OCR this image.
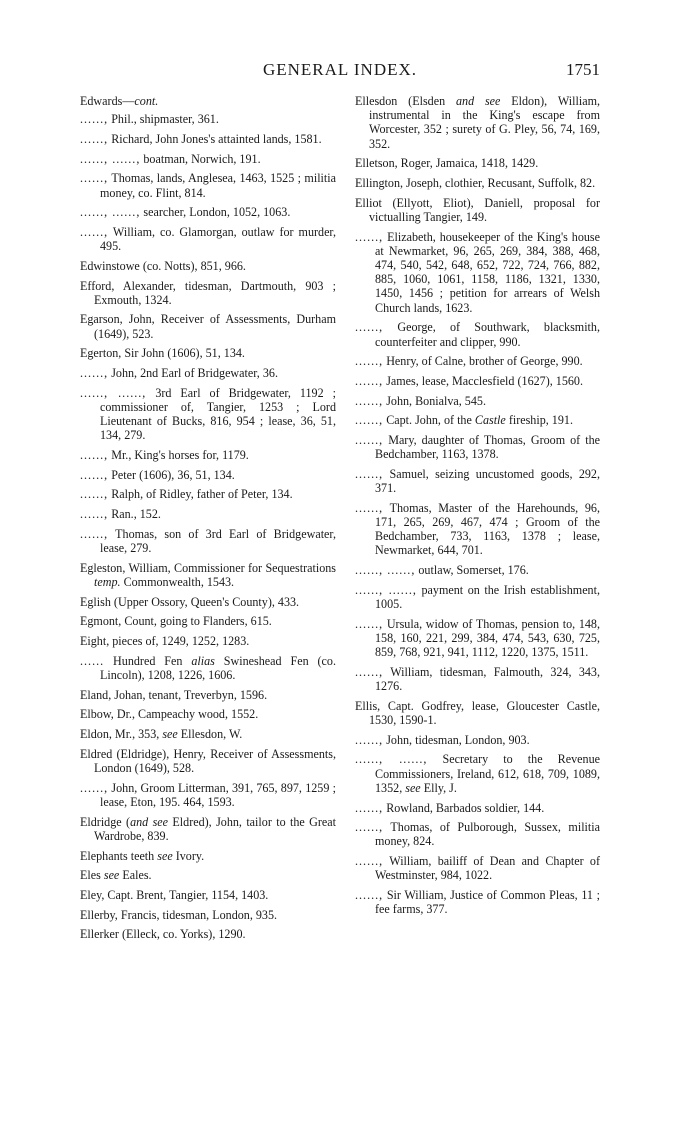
GENERAL INDEX.	1751
Edwards—cont.
......, Phil., shipmaster, 361.
......, Richard, John Jones's attainted lands, 1581.
......, ......, boatman, Norwich, 191.
......, Thomas, lands, Anglesea, 1463, 1525 ; militia money, co. Flint, 814.
......, ......, searcher, London, 1052, 1063.
......, William, co. Glamorgan, outlaw for murder, 495.
Edwinstowe (co. Notts), 851, 966.
Efford, Alexander, tidesman, Dartmouth, 903 ; Exmouth, 1324.
Egarson, John, Receiver of Assessments, Durham (1649), 523.
Egerton, Sir John (1606), 51, 134.
......, John, 2nd Earl of Bridgewater, 36.
......, ......, 3rd Earl of Bridgewater, 1192 ; commissioner of, Tangier, 1253 ; Lord Lieutenant of Bucks, 816, 954 ; lease, 36, 51, 134, 279.
......, Mr., King's horses for, 1179.
......, Peter (1606), 36, 51, 134.
......, Ralph, of Ridley, father of Peter, 134.
......, Ran., 152.
......, Thomas, son of 3rd Earl of Bridgewater, lease, 279.
Egleston, William, Commissioner for Sequestrations temp. Commonwealth, 1543.
Eglish (Upper Ossory, Queen's County), 433.
Egmont, Count, going to Flanders, 615.
Eight, pieces of, 1249, 1252, 1283.
...... Hundred Fen alias Swineshead Fen (co. Lincoln), 1208, 1226, 1606.
Eland, Johan, tenant, Treverbyn, 1596.
Elbow, Dr., Campeachy wood, 1552.
Eldon, Mr., 353, see Ellesdon, W.
Eldred (Eldridge), Henry, Receiver of Assessments, London (1649), 528.
......, John, Groom Litterman, 391, 765, 897, 1259 ; lease, Eton, 195. 464, 1593.
Eldridge (and see Eldred), John, tailor to the Great Wardrobe, 839.
Elephants teeth see Ivory.
Eles see Eales.
Eley, Capt. Brent, Tangier, 1154, 1403.
Ellerby, Francis, tidesman, London, 935.
Ellerker (Elleck, co. Yorks), 1290.
Ellesdon (Elsden and see Eldon), William, instrumental in the King's escape from Worcester, 352 ; surety of G. Pley, 56, 74, 169, 352.
Elletson, Roger, Jamaica, 1418, 1429.
Ellington, Joseph, clothier, Recusant, Suffolk, 82.
Elliot (Ellyott, Eliot), Daniell, proposal for victualling Tangier, 149.
......, Elizabeth, housekeeper of the King's house at Newmarket, 96, 265, 269, 384, 388, 468, 474, 540, 542, 648, 652, 722, 724, 766, 882, 885, 1060, 1061, 1158, 1186, 1321, 1330, 1450, 1456 ; petition for arrears of Welsh Church lands, 1623.
......, George, of Southwark, blacksmith, counterfeiter and clipper, 990.
......, Henry, of Calne, brother of George, 990.
......, James, lease, Macclesfield (1627), 1560.
......, John, Bonialva, 545.
......, Capt. John, of the Castle fireship, 191.
......, Mary, daughter of Thomas, Groom of the Bedchamber, 1163, 1378.
......, Samuel, seizing uncustomed goods, 292, 371.
......, Thomas, Master of the Harehounds, 96, 171, 265, 269, 467, 474 ; Groom of the Bedchamber, 733, 1163, 1378 ; lease, Newmarket, 644, 701.
......, ......, outlaw, Somerset, 176.
......, ......, payment on the Irish establishment, 1005.
......, Ursula, widow of Thomas, pension to, 148, 158, 160, 221, 299, 384, 474, 543, 630, 725, 859, 768, 921, 941, 1112, 1220, 1375, 1511.
......, William, tidesman, Falmouth, 324, 343, 1276.
Ellis, Capt. Godfrey, lease, Gloucester Castle, 1530, 1590-1.
......, John, tidesman, London, 903.
......, ......, Secretary to the Revenue Commissioners, Ireland, 612, 618, 709, 1089, 1352, see Elly, J.
......, Rowland, Barbados soldier, 144.
......, Thomas, of Pulborough, Sussex, militia money, 824.
......, William, bailiff of Dean and Chapter of Westminster, 984, 1022.
......, Sir William, Justice of Common Pleas, 11 ; fee farms, 377.
